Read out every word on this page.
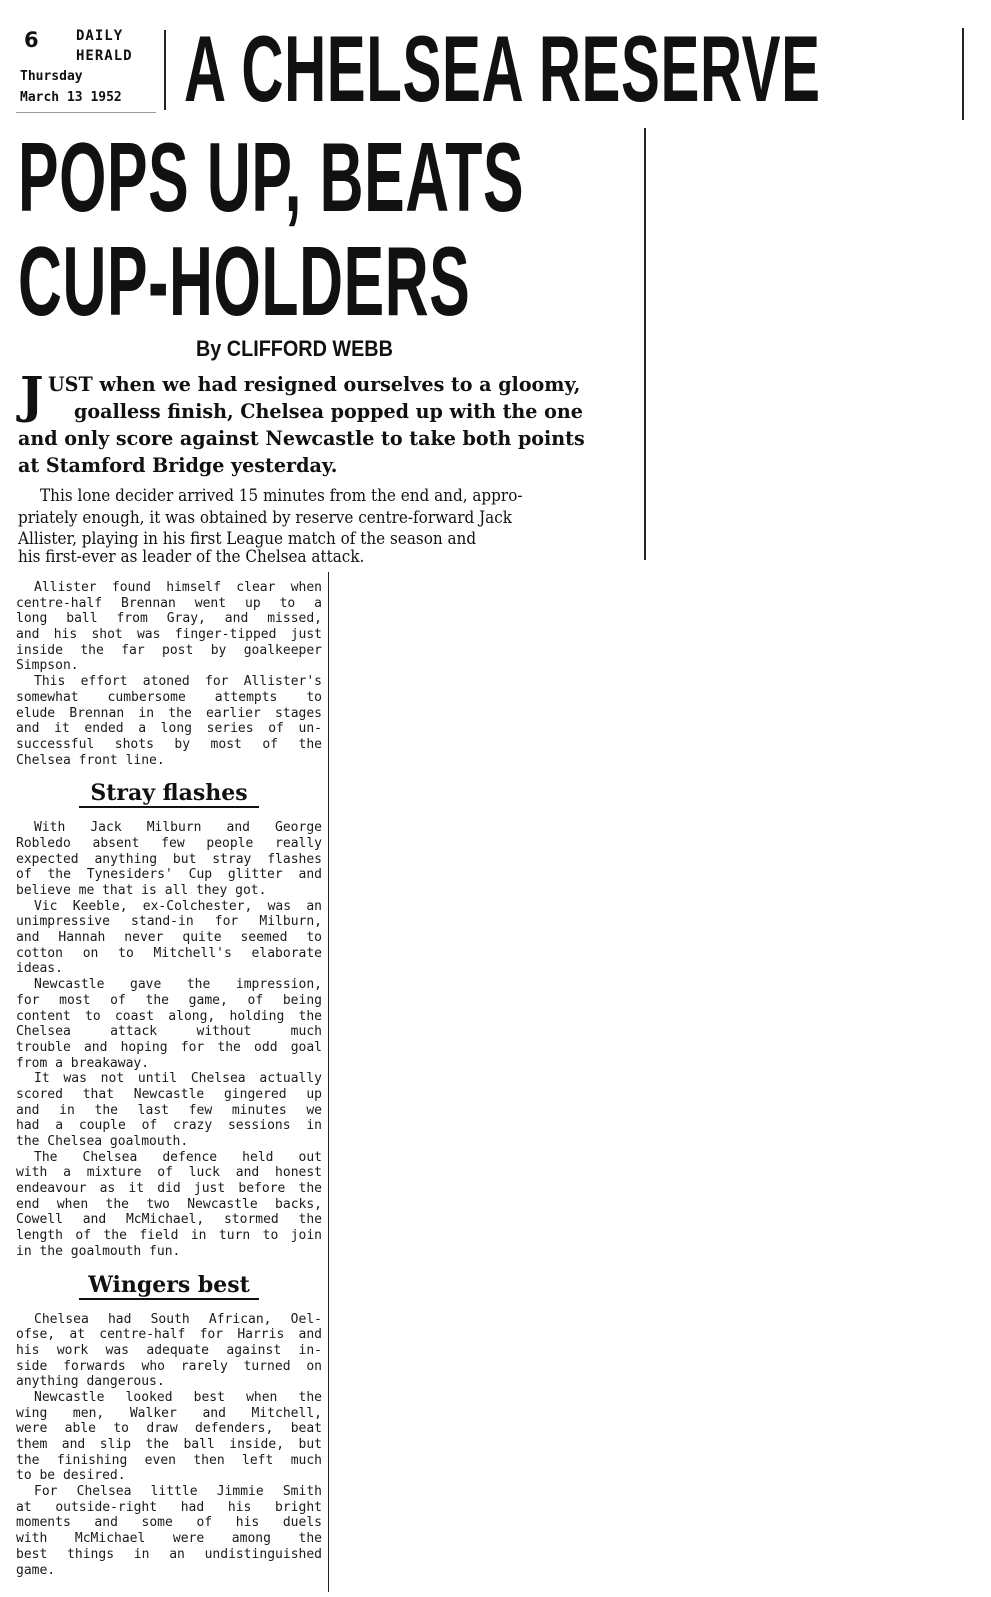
6	DAILY
HERALD
Thursday
March 13 1952 A CHELSEA RESERVE
POPS UP, BEATS
CUP-HOLDERS
By CLIFFORD WEBB
J UST when we had resigned ourselves to a gloomy,
goalless finish, Chelsea popped up with the one
and only score against Newcastle to take both points
at Stamford Bridge yesterday.
This lone decider arrived 15 minutes from the end and, appro-
priately enough, it was obtained by reserve centre-forward Jack
Allister, playing in his first League match of the season and
his first-ever as leader of the Chelsea attack.
Allister found himself clear when
centre-half Brennan went up to a
long ball from Gray, and missed,
and his shot was finger-tipped just
inside the far post by goalkeeper
Simpson.
This effort atoned for Allister's
somewhat cumbersome attempts to
elude Brennan in the earlier stages
and it ended a long series of un-
successful shots by most of the
Chelsea front line.
Stray flashes
With Jack Milburn and George
Robledo absent few people really
expected anything but stray flashes
of the Tynesiders' Cup glitter and
believe me that is all they got.
Vic Keeble, ex-Colchester, was an
unimpressive stand-in for Milburn,
and Hannah never quite seemed to
cotton on to Mitchell's elaborate
ideas.
Newcastle gave the impression,
for most of the game, of being
content to coast along, holding the
Chelsea attack without much
trouble and hoping for the odd goal
from a breakaway.
It was not until Chelsea actually
scored that Newcastle gingered up
and in the last few minutes we
had a couple of crazy sessions in
the Chelsea goalmouth.
The Chelsea defence held out
with a mixture of luck and honest
endeavour as it did just before the
end when the two Newcastle backs,
Cowell and McMichael, stormed the
length of the field in turn to join
in the goalmouth fun.
Wingers best
Chelsea had South African, Oel-
ofse, at centre-half for Harris and
his work was adequate against in-
side forwards who rarely turned on
anything dangerous.
Newcastle looked best when the
wing men, Walker and Mitchell,
were able to draw defenders, beat
them and slip the ball inside, but
the finishing even then left much
to be desired.
For Chelsea little Jimmie Smith
at outside-right had his bright
moments and some of his duels
with McMichael were among the
best things in an undistinguished
game.
